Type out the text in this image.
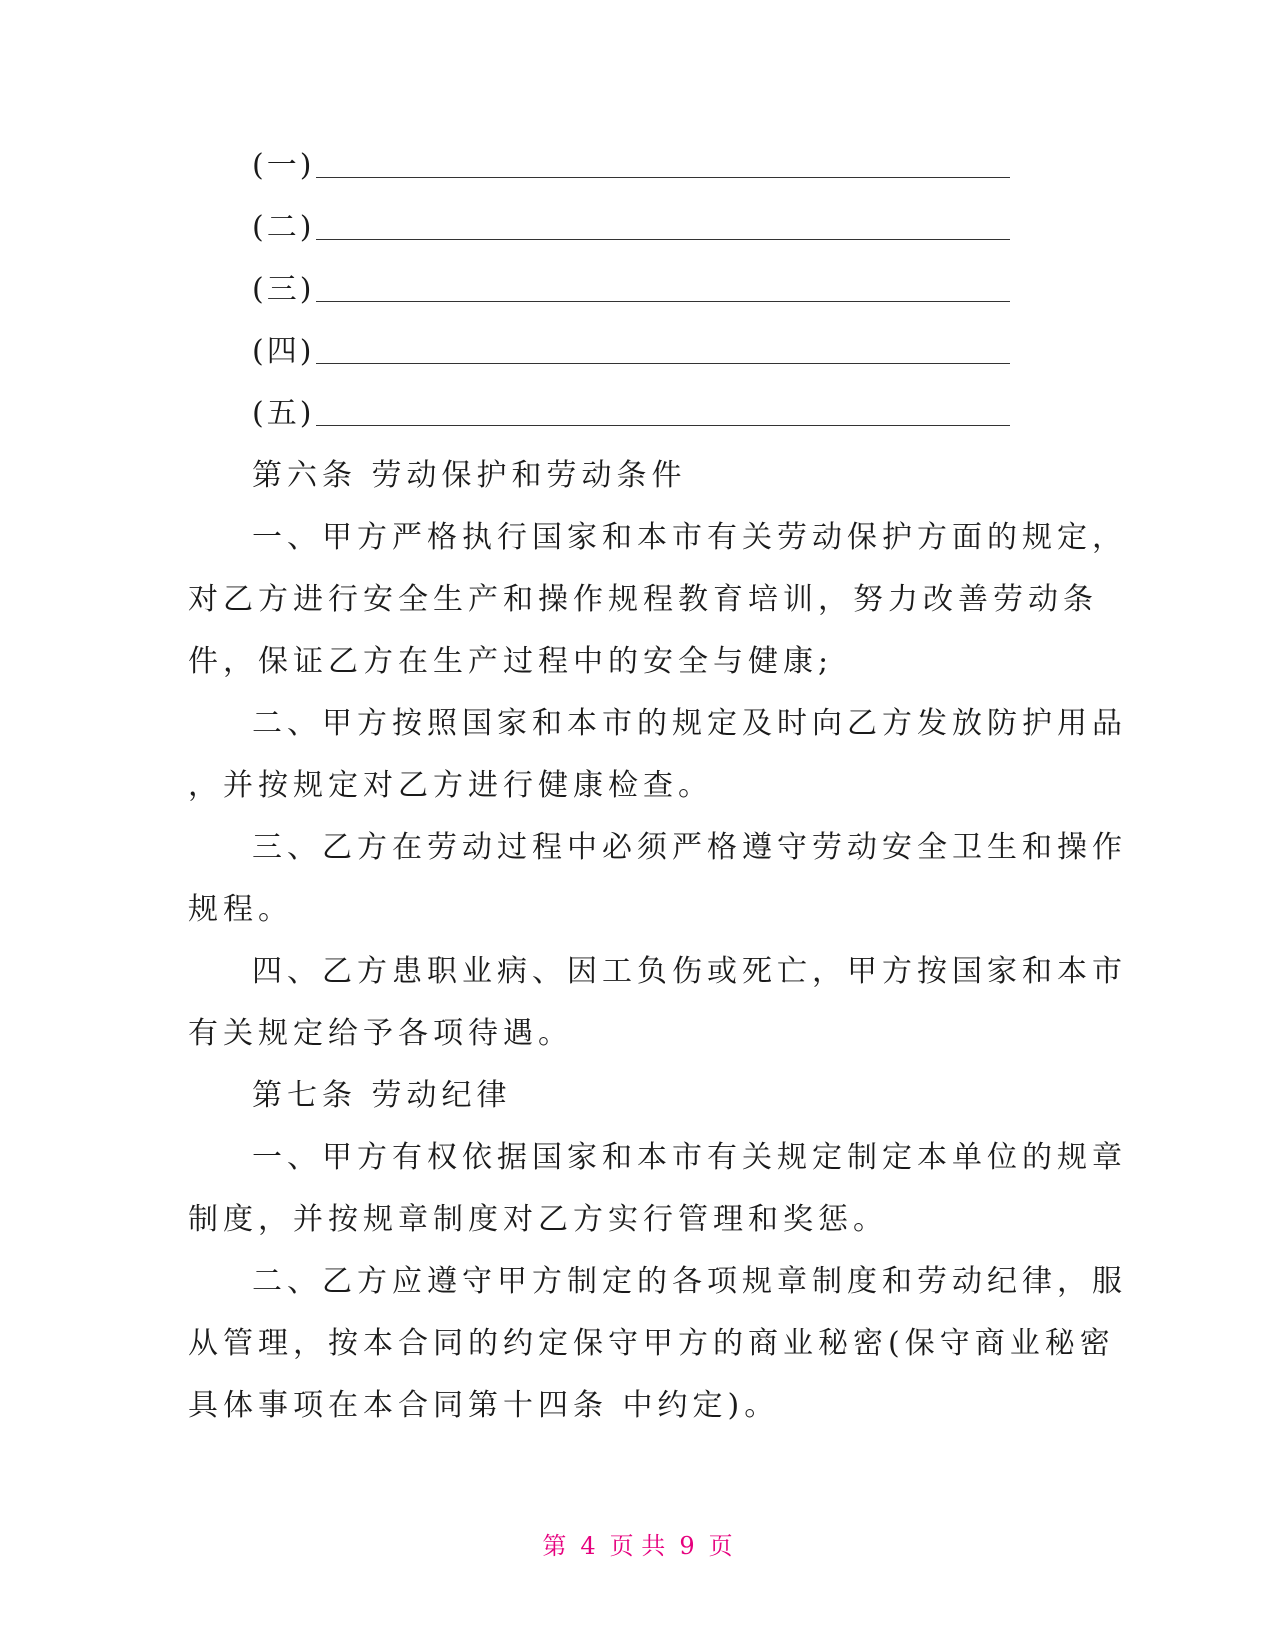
(一)
(二)
(三)
(四)
(五)
第六条 劳动保护和劳动条件
一、甲方严格执行国家和本市有关劳动保护方面的规定，
对乙方进行安全生产和操作规程教育培训，努力改善劳动条
件，保证乙方在生产过程中的安全与健康;
二、甲方按照国家和本市的规定及时向乙方发放防护用品
，并按规定对乙方进行健康检查。
三、乙方在劳动过程中必须严格遵守劳动安全卫生和操作
规程。
四、乙方患职业病、因工负伤或死亡，甲方按国家和本市
有关规定给予各项待遇。
第七条 劳动纪律
一、甲方有权依据国家和本市有关规定制定本单位的规章
制度，并按规章制度对乙方实行管理和奖惩。
二、乙方应遵守甲方制定的各项规章制度和劳动纪律，服
从管理，按本合同的约定保守甲方的商业秘密(保守商业秘密
具体事项在本合同第十四条 中约定)。
第 4 页 共 9 页
